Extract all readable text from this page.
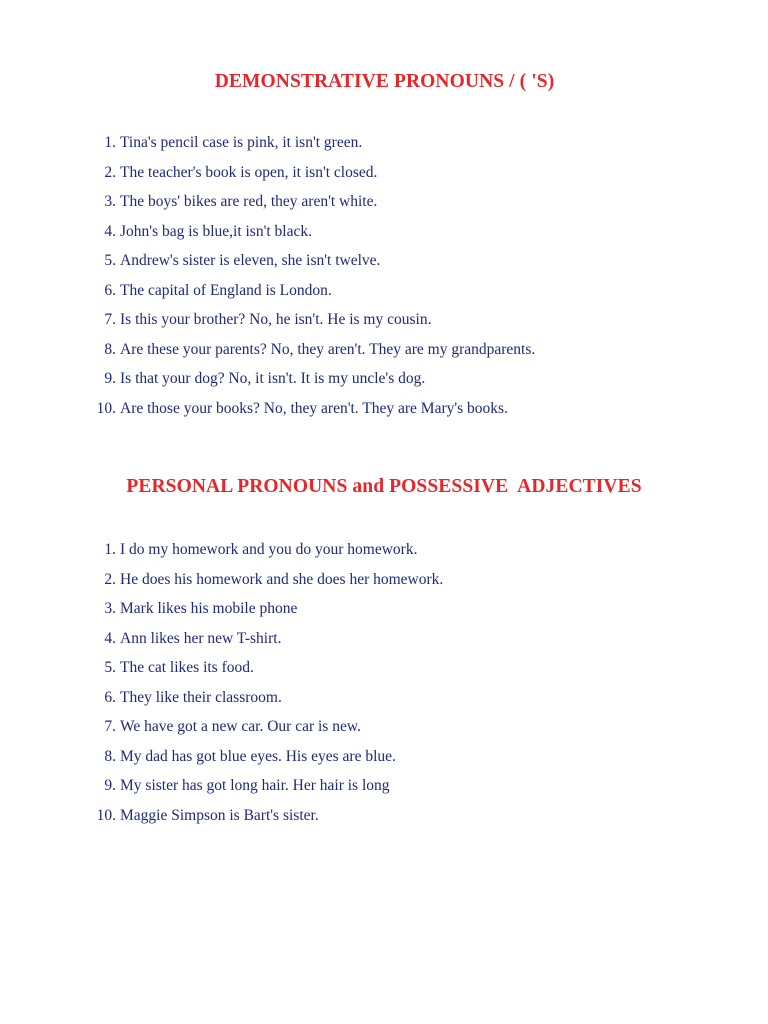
DEMONSTRATIVE PRONOUNS / ( 'S)
1. Tina's pencil case is pink, it isn't green.
2. The teacher's book is open, it isn't closed.
3. The boys' bikes are red, they aren't white.
4. John's bag is blue,it isn't black.
5. Andrew's sister is eleven, she isn't twelve.
6. The capital of England is London.
7. Is this your brother? No, he isn't. He is my cousin.
8. Are these your parents? No, they aren't. They are my grandparents.
9. Is that your dog? No, it isn't. It is my uncle's dog.
10. Are those your books? No, they aren't. They are Mary's books.
PERSONAL PRONOUNS and POSSESSIVE  ADJECTIVES
1. I do my homework and you do your homework.
2. He does his homework and she does her homework.
3. Mark likes his mobile phone
4. Ann likes her new T-shirt.
5. The cat likes its food.
6. They like their classroom.
7. We have got a new car. Our car is new.
8. My dad has got blue eyes. His eyes are blue.
9. My sister has got long hair. Her hair is long
10. Maggie Simpson is Bart's sister.
